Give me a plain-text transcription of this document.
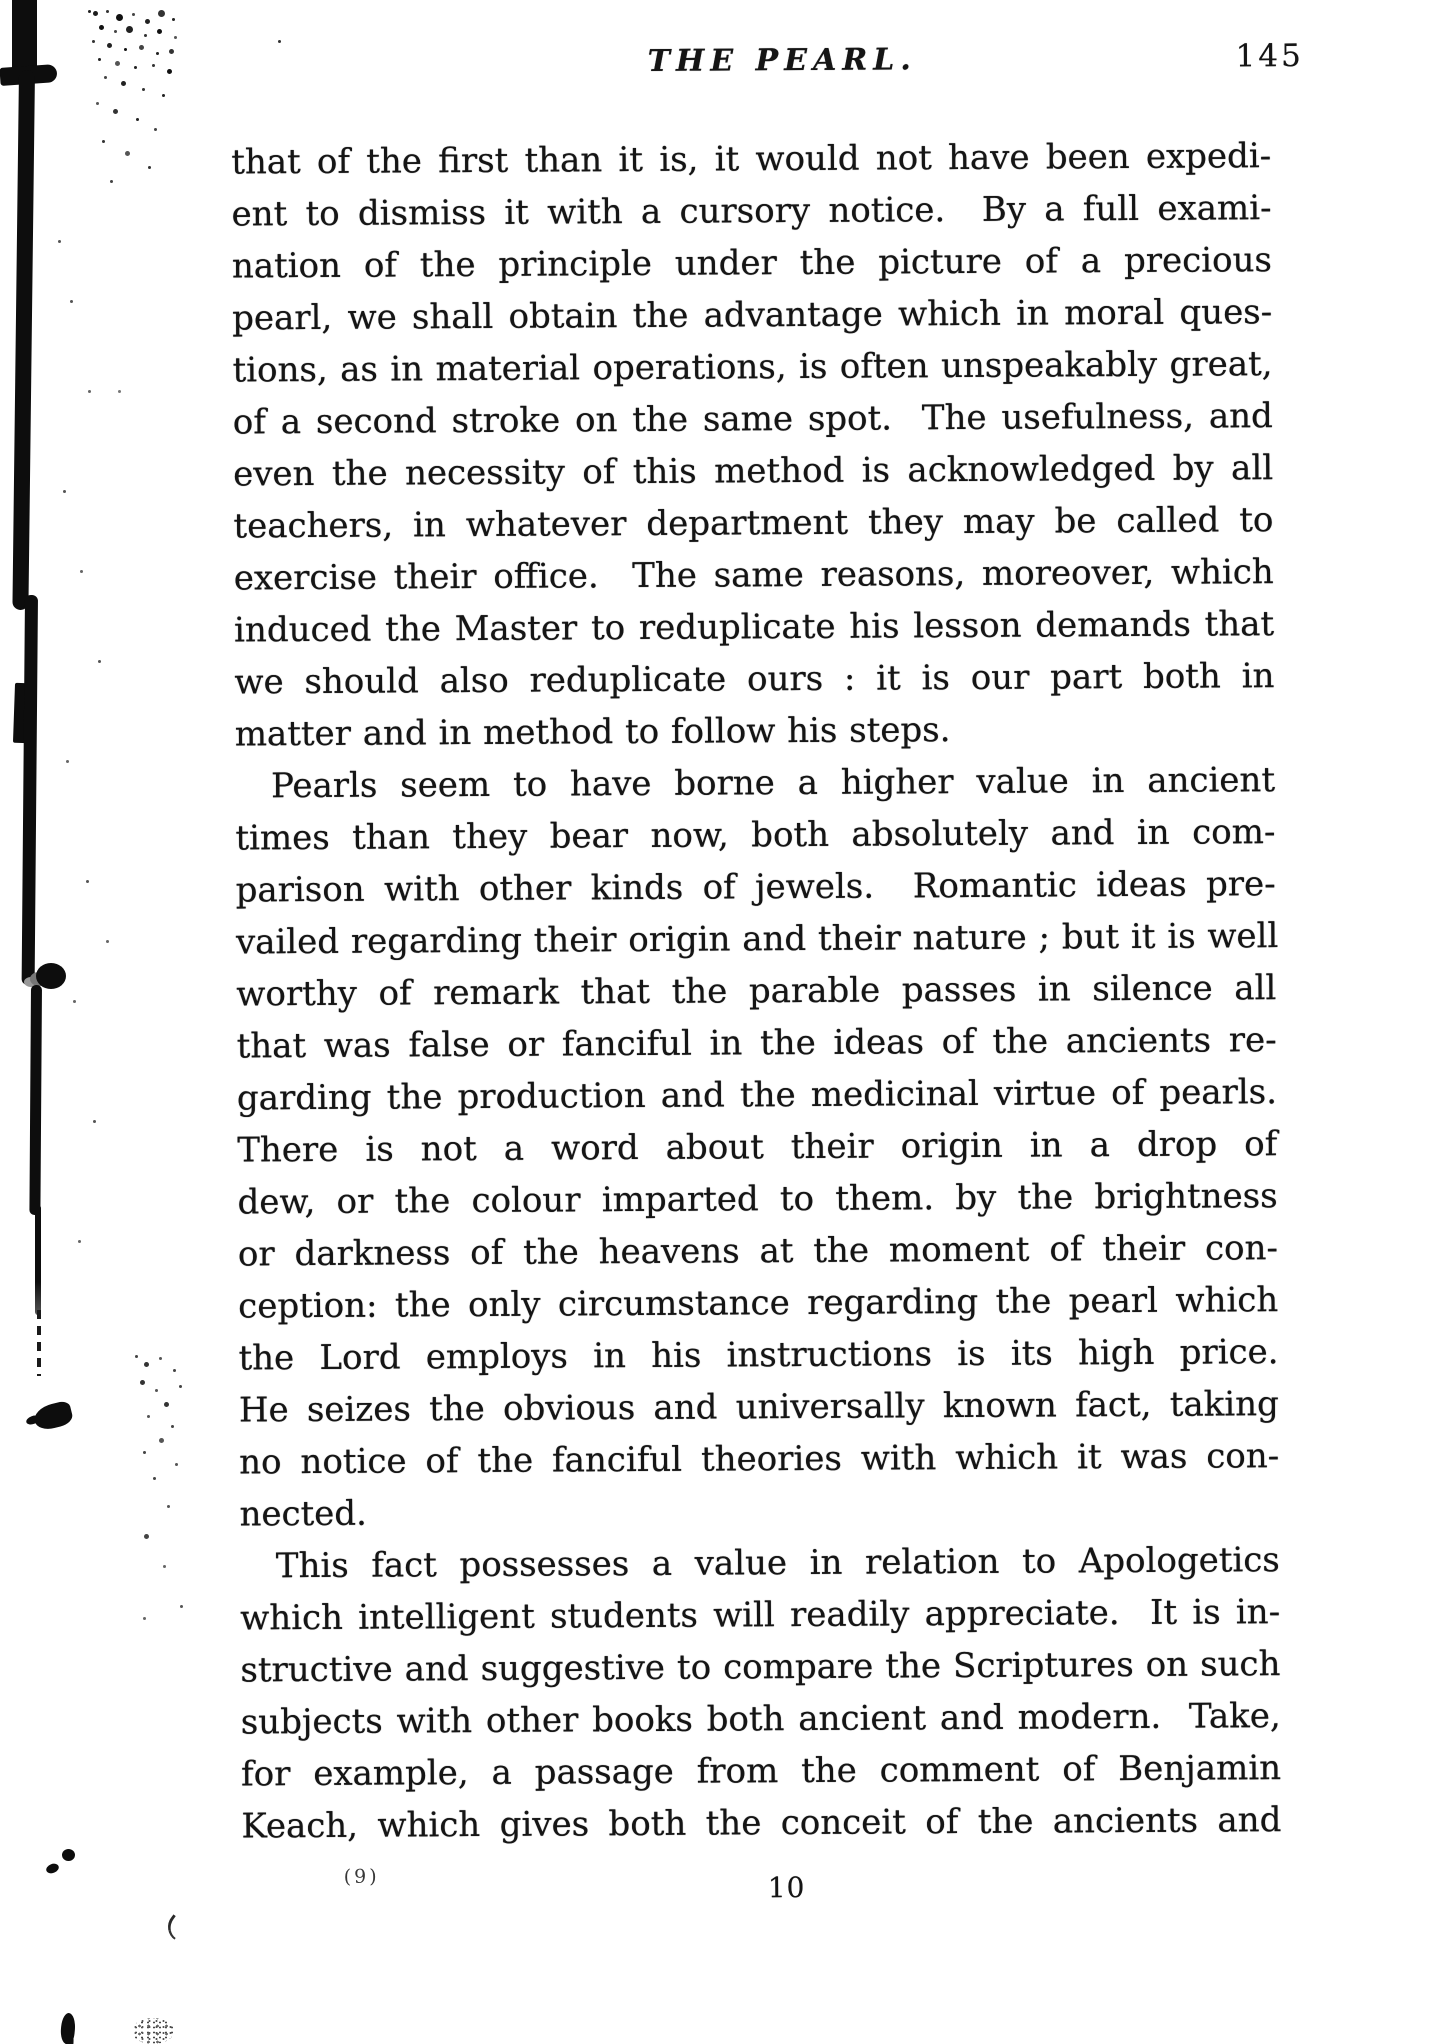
THE PEARL.	145
that of the first than it is, it would not have been expedi-
ent to dismiss it with a cursory notice.  By a full exami-
nation of the principle under the picture of a precious
pearl, we shall obtain the advantage which in moral ques-
tions, as in material operations, is often unspeakably great,
of a second stroke on the same spot.  The usefulness, and
even the necessity of this method is acknowledged by all
teachers, in whatever department they may be called to
exercise their office.  The same reasons, moreover, which
induced the Master to reduplicate his lesson demands that
we should also reduplicate ours : it is our part both in
matter and in method to follow his steps.
Pearls seem to have borne a higher value in ancient
times than they bear now, both absolutely and in com-
parison with other kinds of jewels.  Romantic ideas pre-
vailed regarding their origin and their nature ; but it is well
worthy of remark that the parable passes in silence all
that was false or fanciful in the ideas of the ancients re-
garding the production and the medicinal virtue of pearls.
There is not a word about their origin in a drop of
dew, or the colour imparted to them. by the brightness
or darkness of the heavens at the moment of their con-
ception: the only circumstance regarding the pearl which
the Lord employs in his instructions is its high price.
He seizes the obvious and universally known fact, taking
no notice of the fanciful theories with which it was con-
nected.
This fact possesses a value in relation to Apologetics
which intelligent students will readily appreciate.  It is in-
structive and suggestive to compare the Scriptures on such
subjects with other books both ancient and modern.  Take,
for example, a passage from the comment of Benjamin
Keach, which gives both the conceit of the ancients and
(9)	10
